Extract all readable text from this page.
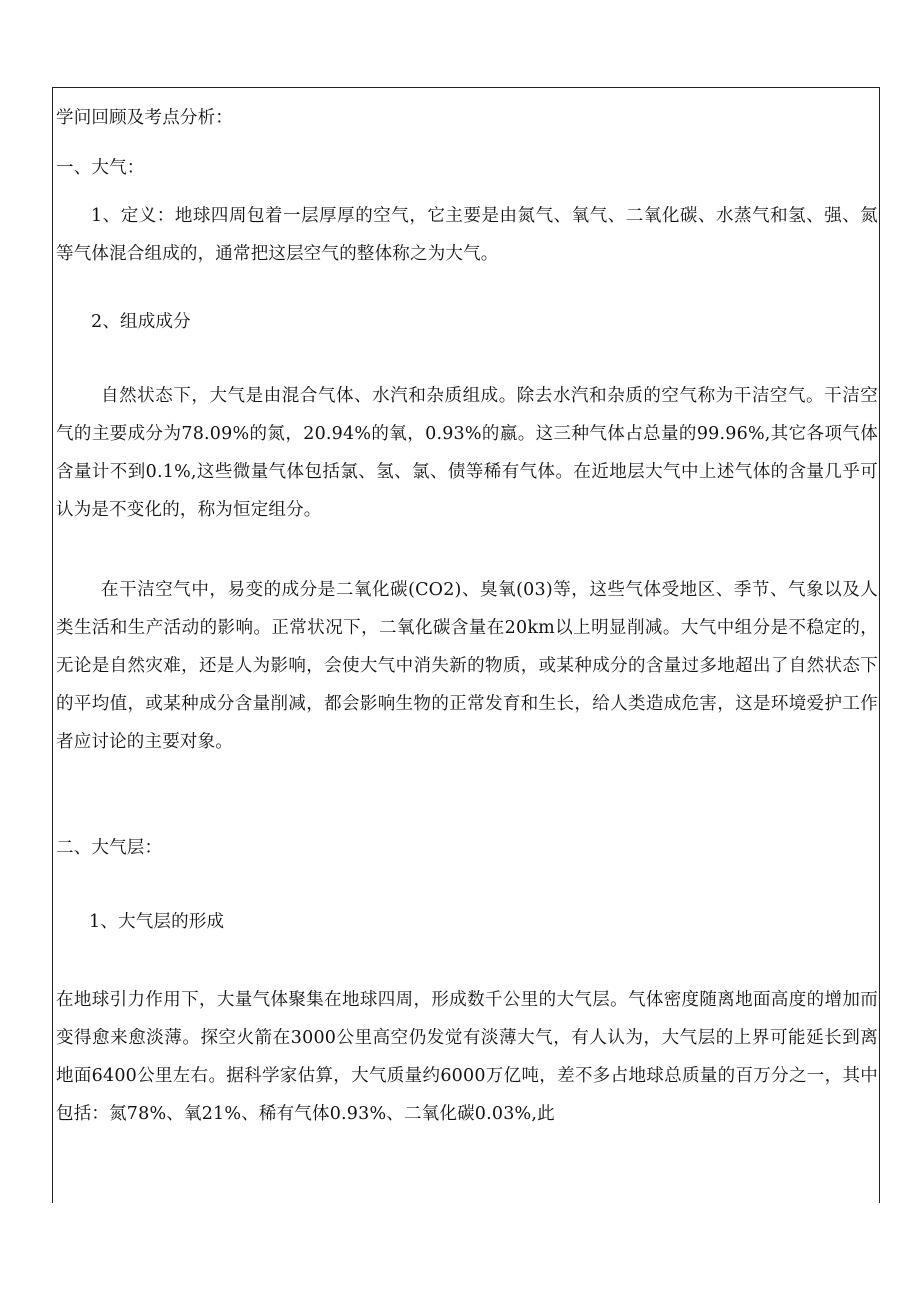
学问回顾及考点分析：

一、大气：

1、定义：地球四周包着一层厚厚的空气，它主要是由氮气、氧气、二氧化碳、水蒸气和氢、强、氮等气体混合组成的，通常把这层空气的整体称之为大气。

2、组成成分

自然状态下，大气是由混合气体、水汽和杂质组成。除去水汽和杂质的空气称为干洁空气。干洁空气的主要成分为78.09%的氮，20.94%的氧，0.93%的嬴。这三种气体占总量的99.96%,其它各项气体含量计不到0.1%,这些微量气体包括氯、氢、氯、债等稀有气体。在近地层大气中上述气体的含量几乎可认为是不变化的，称为恒定组分。

在干洁空气中，易变的成分是二氧化碳(CO2)、臭氧(03)等，这些气体受地区、季节、气象以及人类生活和生产活动的影响。正常状况下，二氧化碳含量在20km以上明显削减。大气中组分是不稳定的，无论是自然灾难，还是人为影响，会使大气中消失新的物质，或某种成分的含量过多地超出了自然状态下的平均值，或某种成分含量削减，都会影响生物的正常发育和生长，给人类造成危害，这是环境爱护工作者应讨论的主要对象。

二、大气层：

1、大气层的形成

在地球引力作用下，大量气体聚集在地球四周，形成数千公里的大气层。气体密度随离地面高度的增加而变得愈来愈淡薄。探空火箭在3000公里高空仍发觉有淡薄大气，有人认为，大气层的上界可能延长到离地面6400公里左右。据科学家估算，大气质量约6000万亿吨，差不多占地球总质量的百万分之一，其中包括：氮78%、氧21%、稀有气体0.93%、二氧化碳0.03%,此
